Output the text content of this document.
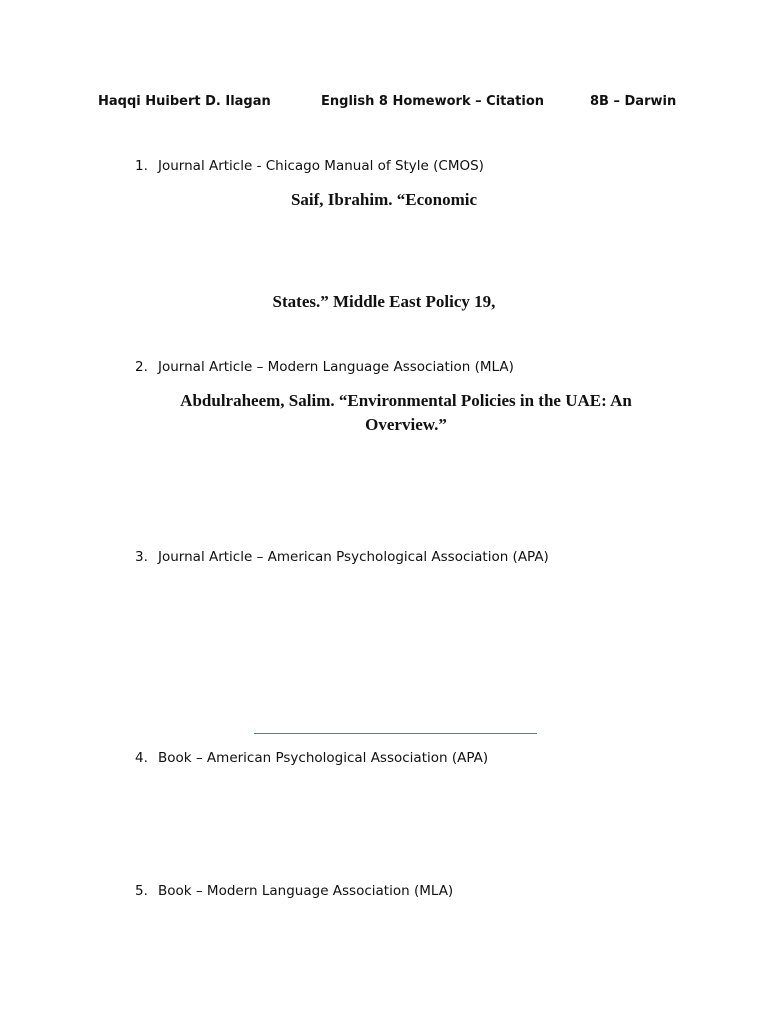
Haqqi Huibert D. Ilagan	English 8 Homework – Citation	8B – Darwin
1. Journal Article - Chicago Manual of Style (CMOS)
Saif, Ibrahim. “Economic
States.” Middle East Policy 19,
2. Journal Article – Modern Language Association (MLA)
Abdulraheem, Salim. “Environmental Policies in the UAE: An Overview.”
3. Journal Article – American Psychological Association (APA)
4. Book – American Psychological Association (APA)
5. Book – Modern Language Association (MLA)
